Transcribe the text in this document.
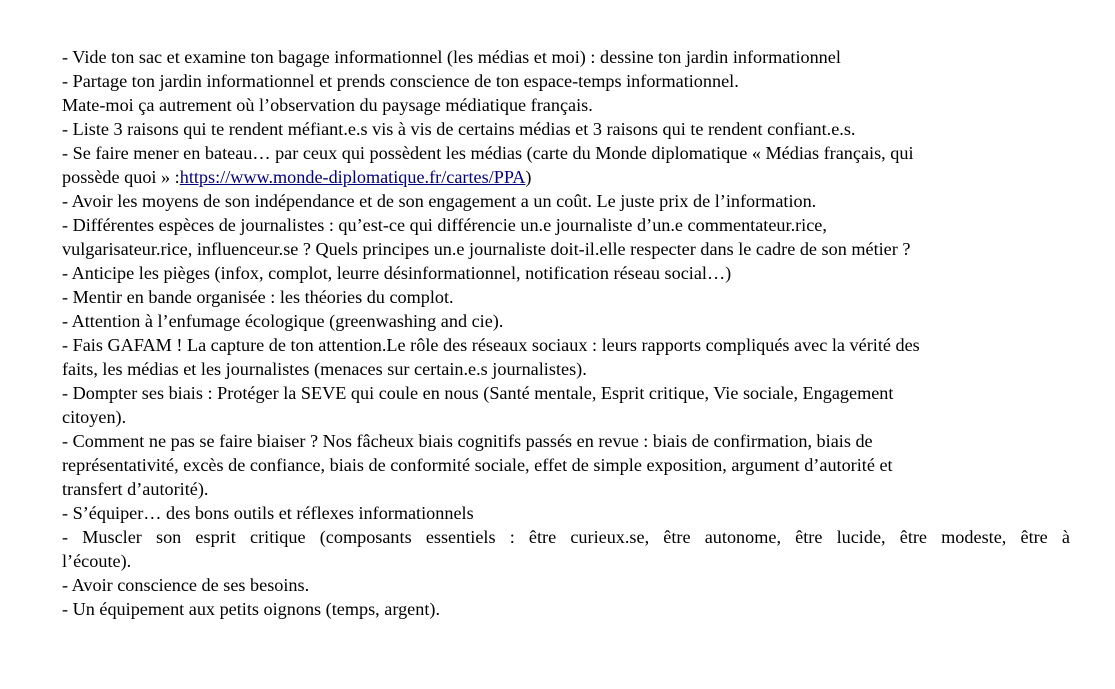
- Vide ton sac et examine ton bagage informationnel (les médias et moi) : dessine ton jardin informationnel
- Partage ton jardin informationnel et prends conscience de ton espace-temps informationnel.
Mate-moi ça autrement où l’observation du paysage médiatique français.
- Liste 3 raisons qui te rendent méfiant.e.s vis à vis de certains médias et 3 raisons qui te rendent confiant.e.s.
- Se faire mener en bateau… par ceux qui possèdent les médias (carte du Monde diplomatique « Médias français, qui
possède quoi » :https://www.monde-diplomatique.fr/cartes/PPA)
- Avoir les moyens de son indépendance et de son engagement a un coût. Le juste prix de l’information.
- Différentes espèces de journalistes : qu’est-ce qui différencie un.e journaliste d’un.e commentateur.rice,
vulgarisateur.rice, influenceur.se ? Quels principes un.e journaliste doit-il.elle respecter dans le cadre de son métier ?
- Anticipe les pièges (infox, complot, leurre désinformationnel, notification réseau social…)
- Mentir en bande organisée : les théories du complot.
- Attention à l’enfumage écologique (greenwashing and cie).
- Fais GAFAM ! La capture de ton attention.Le rôle des réseaux sociaux : leurs rapports compliqués avec la vérité des
faits, les médias et les journalistes (menaces sur certain.e.s journalistes).
- Dompter ses biais : Protéger la SEVE qui coule en nous (Santé mentale, Esprit critique, Vie sociale, Engagement
citoyen).
- Comment ne pas se faire biaiser ? Nos fâcheux biais cognitifs passés en revue : biais de confirmation, biais de
représentativité, excès de confiance, biais de conformité sociale, effet de simple exposition, argument d’autorité et
transfert d’autorité).
- S’équiper… des bons outils et réflexes informationnels
- Muscler son esprit critique (composants essentiels : être curieux.se, être autonome, être lucide, être modeste, être à
l’écoute).
- Avoir conscience de ses besoins.
- Un équipement aux petits oignons (temps, argent).
